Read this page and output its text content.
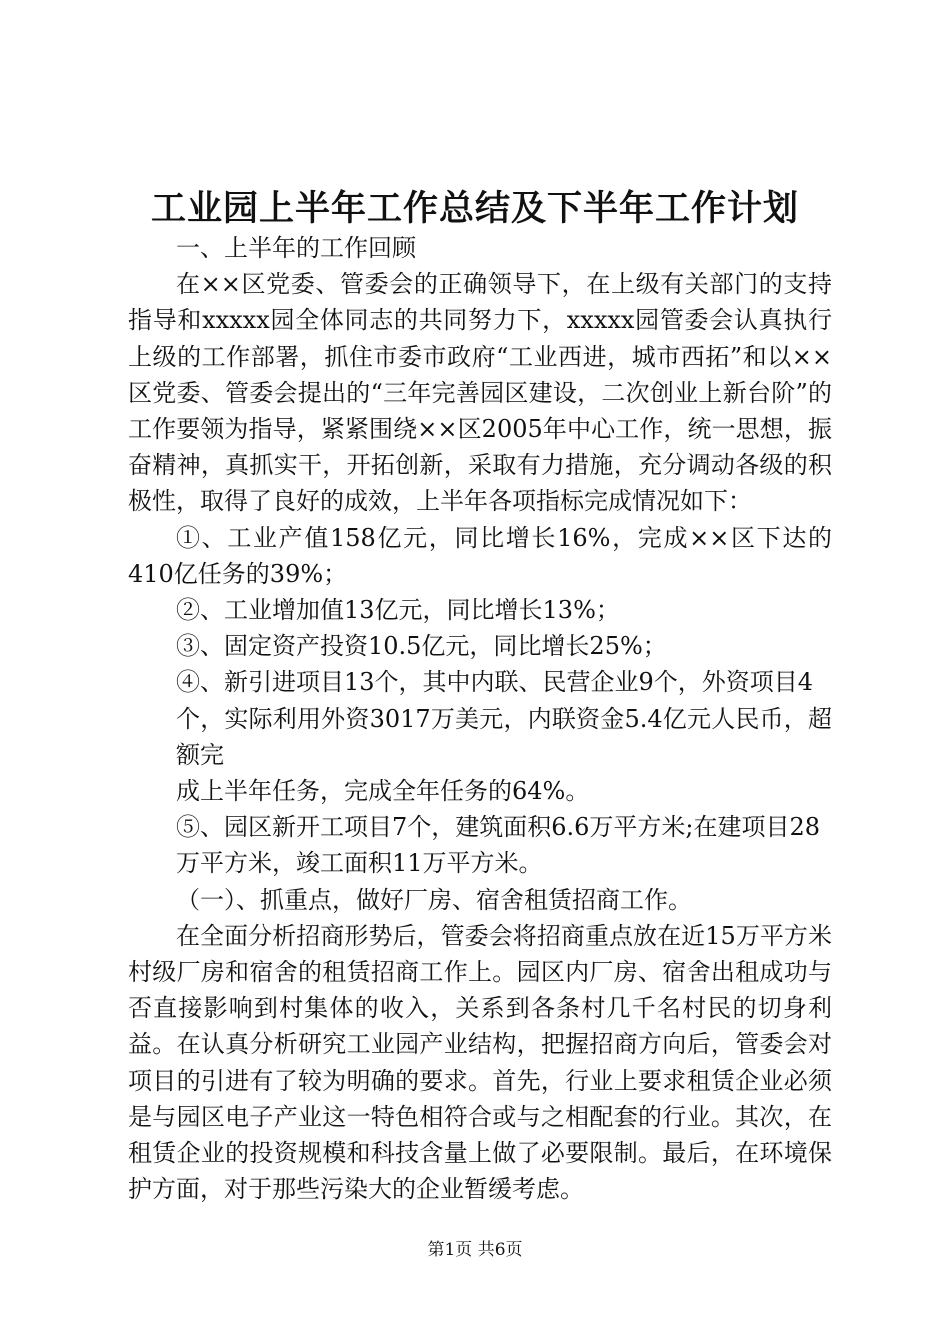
工业园上半年工作总结及下半年工作计划

一、上半年的工作回顾

在××区党委、管委会的正确领导下，在上级有关部门的支持指导和xxxxx园全体同志的共同努力下，xxxxx园管委会认真执行上级的工作部署，抓住市委市政府“工业西进，城市西拓”和以××区党委、管委会提出的“三年完善园区建设，二次创业上新台阶”的工作要领为指导，紧紧围绕××区2005年中心工作，统一思想，振奋精神，真抓实干，开拓创新，采取有力措施，充分调动各级的积极性，取得了良好的成效，上半年各项指标完成情况如下：

①、工业产值158亿元，同比增长16%，完成××区下达的410亿任务的39%；

②、工业增加值13亿元，同比增长13%；

③、固定资产投资10.5亿元，同比增长25%；

④、新引进项目13个，其中内联、民营企业9个，外资项目4

个，实际利用外资3017万美元，内联资金5.4亿元人民币，超额完

成上半年任务，完成全年任务的64%。

⑤、园区新开工项目7个，建筑面积6.6万平方米;在建项目28

万平方米，竣工面积11万平方米。

（一）、抓重点，做好厂房、宿舍租赁招商工作。

在全面分析招商形势后，管委会将招商重点放在近15万平方米村级厂房和宿舍的租赁招商工作上。园区内厂房、宿舍出租成功与否直接影响到村集体的收入，关系到各条村几千名村民的切身利益。在认真分析研究工业园产业结构，把握招商方向后，管委会对项目的引进有了较为明确的要求。首先，行业上要求租赁企业必须是与园区电子产业这一特色相符合或与之相配套的行业。其次，在租赁企业的投资规模和科技含量上做了必要限制。最后，在环境保护方面，对于那些污染大的企业暂缓考虑。

第1页 共6页
